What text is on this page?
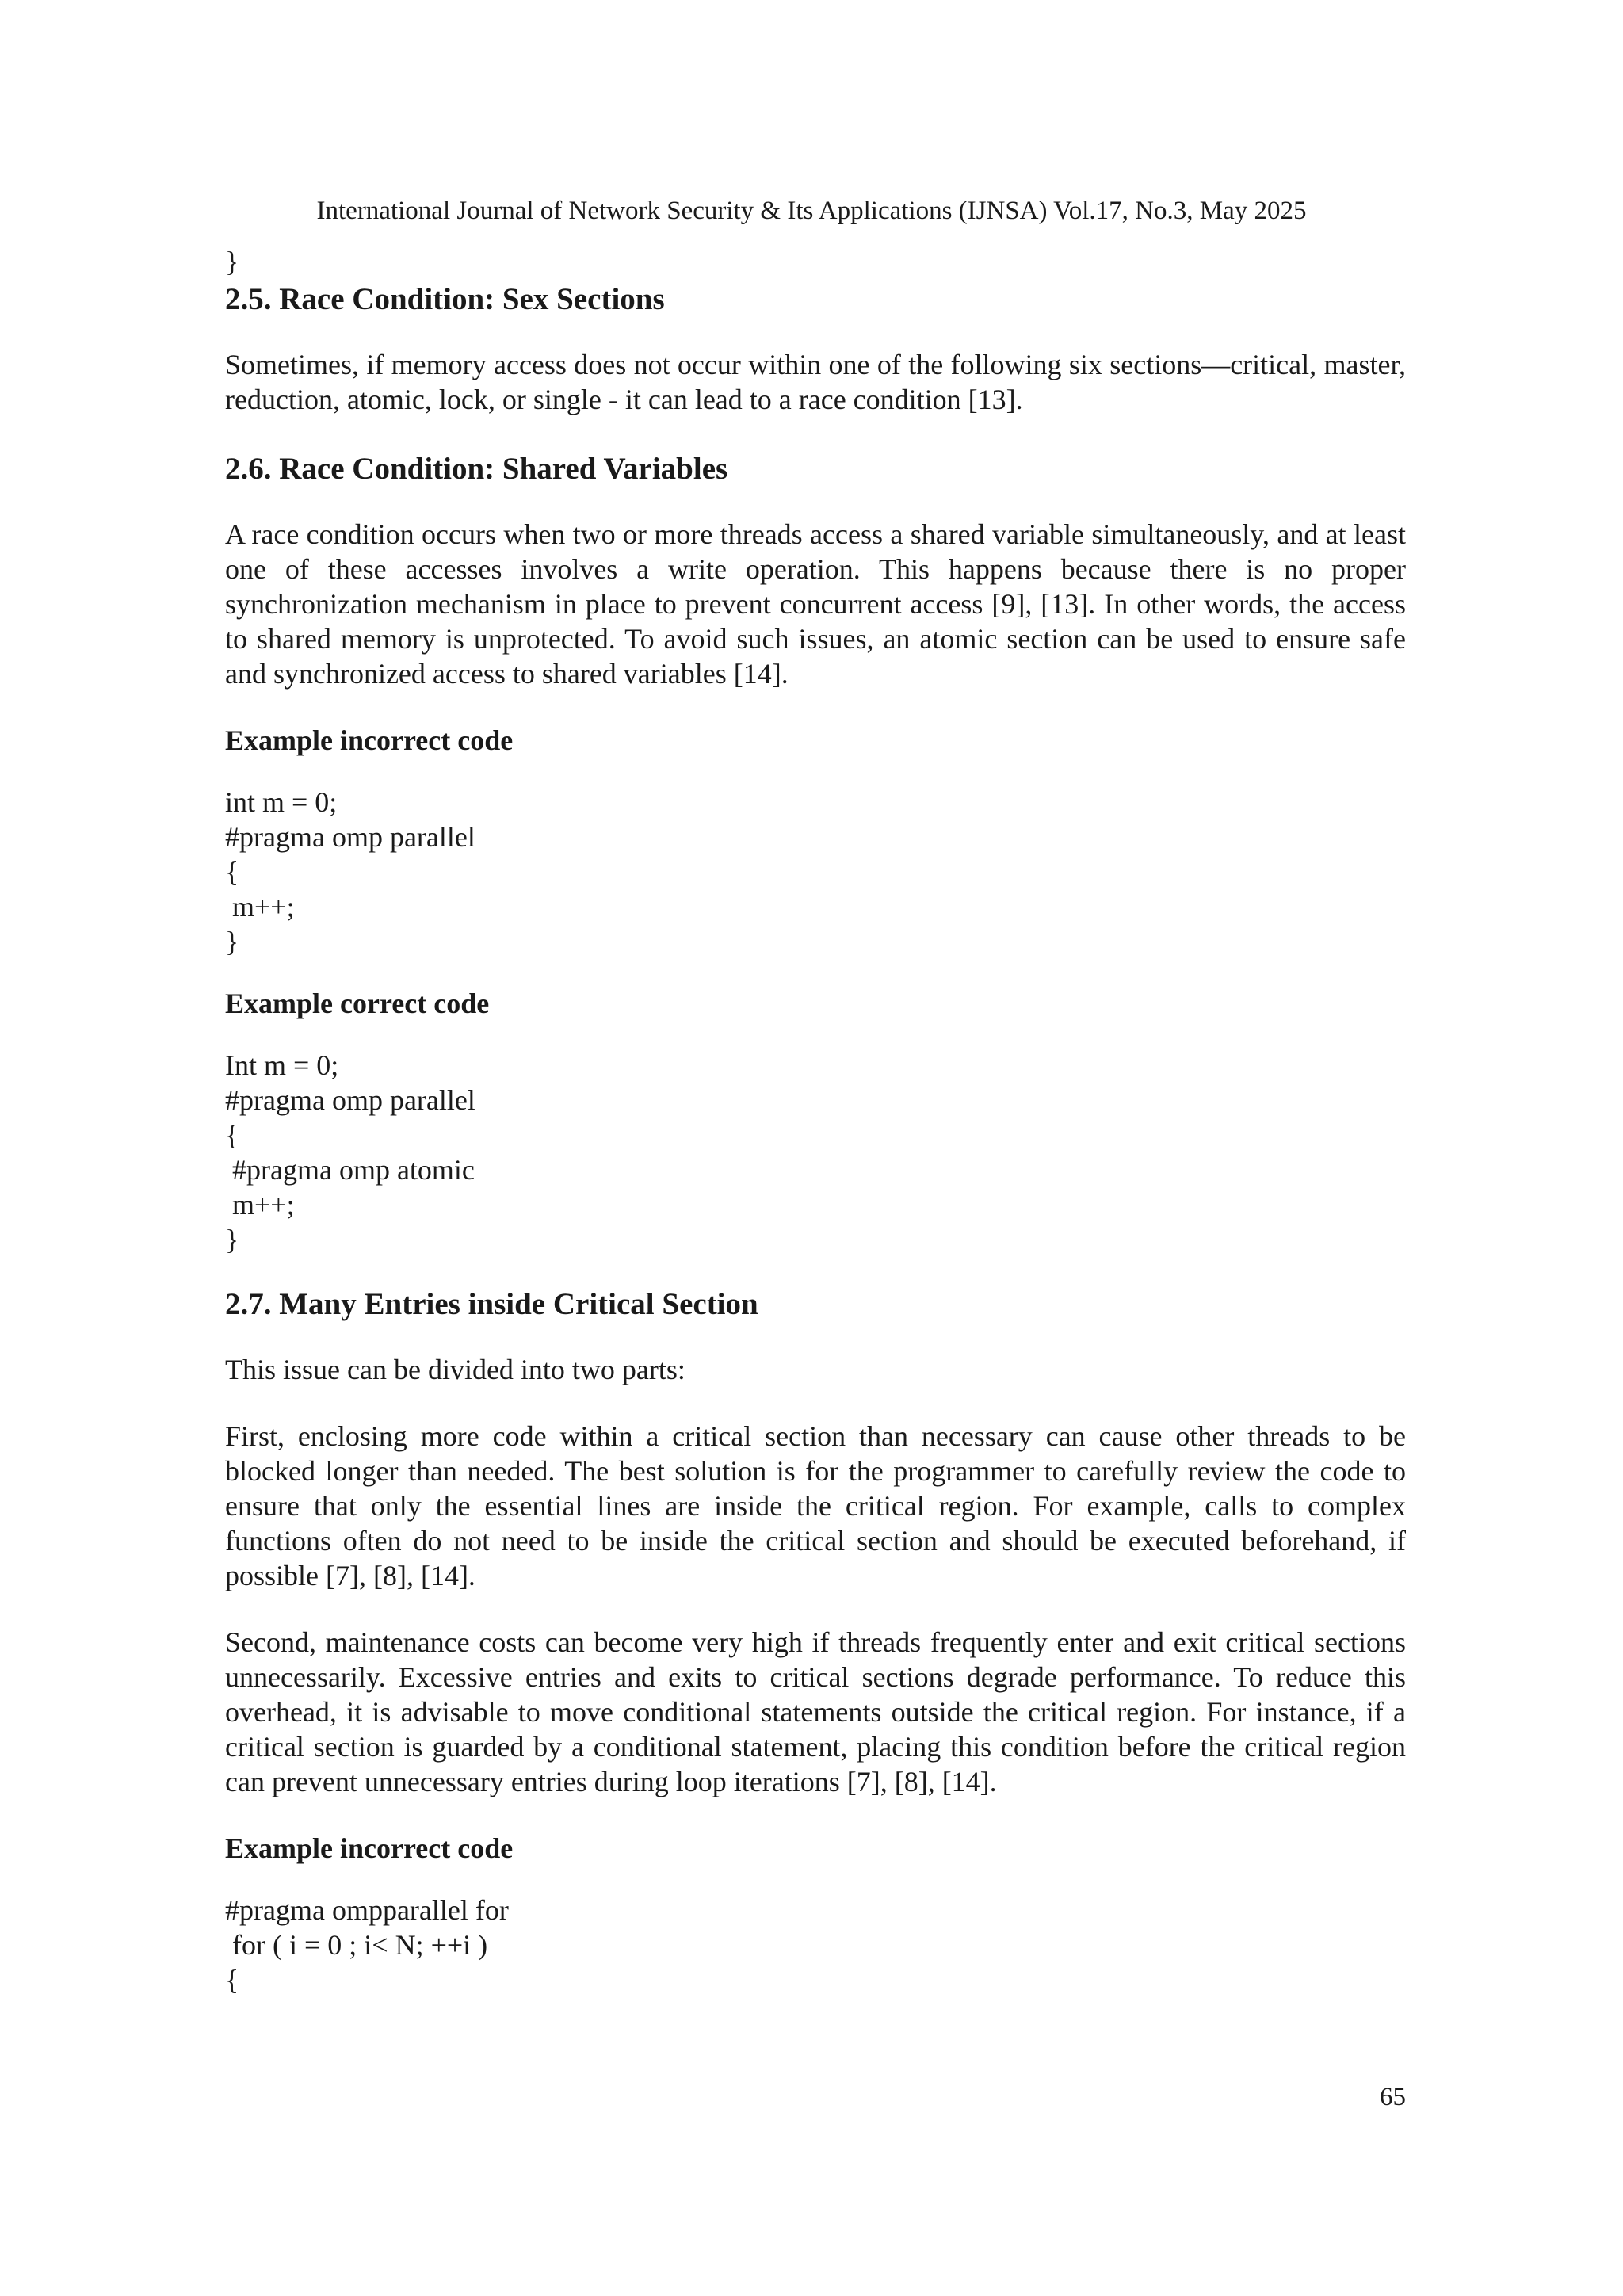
International Journal of Network Security & Its Applications (IJNSA) Vol.17, No.3, May 2025
}
2.5. Race Condition: Sex Sections

Sometimes, if memory access does not occur within one of the following six sections—critical, master, reduction, atomic, lock, or single - it can lead to a race condition [13].

2.6. Race Condition: Shared Variables

A race condition occurs when two or more threads access a shared variable simultaneously, and at least one of these accesses involves a write operation. This happens because there is no proper synchronization mechanism in place to prevent concurrent access [9], [13]. In other words, the access to shared memory is unprotected. To avoid such issues, an atomic section can be used to ensure safe and synchronized access to shared variables [14].

Example incorrect code
int m = 0;
#pragma omp parallel
{
m++;
}
Example correct code
Int m = 0;
#pragma omp parallel
{
#pragma omp atomic
m++;
}
2.7. Many Entries inside Critical Section

This issue can be divided into two parts:

First, enclosing more code within a critical section than necessary can cause other threads to be blocked longer than needed. The best solution is for the programmer to carefully review the code to ensure that only the essential lines are inside the critical region. For example, calls to complex functions often do not need to be inside the critical section and should be executed beforehand, if possible [7], [8], [14].

Second, maintenance costs can become very high if threads frequently enter and exit critical sections unnecessarily. Excessive entries and exits to critical sections degrade performance. To reduce this overhead, it is advisable to move conditional statements outside the critical region. For instance, if a critical section is guarded by a conditional statement, placing this condition before the critical region can prevent unnecessary entries during loop iterations [7], [8], [14].

Example incorrect code
#pragma ompparallel for
for ( i = 0 ; i< N; ++i )
{
65
